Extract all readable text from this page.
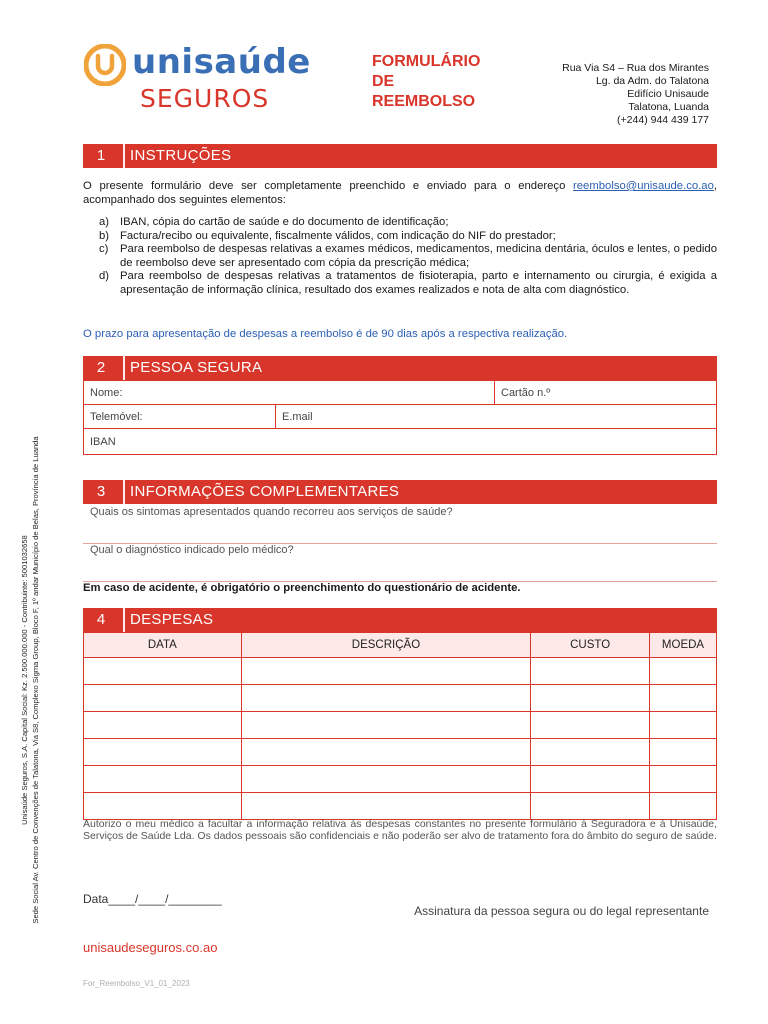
unisaúde
SEGUROS
FORMULÁRIO
DE
REEMBOLSO
Rua Via S4 – Rua dos Mirantes
Lg. da Adm. do Talatona
Edifício Unisaude
Talatona, Luanda
(+244) 944 439 177
1	INSTRUÇÕES
O presente formulário deve ser completamente preenchido e enviado para o endereço reembolso@unisaude.co.ao, acompanhado dos seguintes elementos:
a) IBAN, cópia do cartão de saúde e do documento de identificação;
b) Factura/recibo ou equivalente, fiscalmente válidos, com indicação do NIF do prestador;
c) Para reembolso de despesas relativas a exames médicos, medicamentos, medicina dentária, óculos e lentes, o pedido de reembolso deve ser apresentado com cópia da prescrição médica;
d) Para reembolso de despesas relativas a tratamentos de fisioterapia, parto e internamento ou cirurgia, é exigida a apresentação de informação clínica, resultado dos exames realizados e nota de alta com diagnóstico.
O prazo para apresentação de despesas a reembolso é de 90 dias após a respectiva realização.
2	PESSOA SEGURA
Nome:	Cartão n.º
Telemóvel:	E.mail
IBAN
3	INFORMAÇÕES COMPLEMENTARES
Quais os sintomas apresentados quando recorreu aos serviços de saúde?
Qual o diagnóstico indicado pelo médico?
Em caso de acidente, é obrigatório o preenchimento do questionário de acidente.
4	DESPESAS
DATA	DESCRIÇÃO	CUSTO	MOEDA

Autorizo o meu médico a facultar a informação relativa às despesas constantes no presente formulário à Seguradora e à Unisaúde, Serviços de Saúde Lda. Os dados pessoais são confidenciais e não poderão ser alvo de tratamento fora do âmbito do seguro de saúde.
Data____/____/________
Assinatura da pessoa segura ou do legal representante
unisaudeseguros.co.ao
For_Reembolso_V1_01_2023
Unisaúde Seguros, S.A. Capital Social: Kz. 2.500.000.000 - Contribuinte: 5001032658 Sede Social Av. Centro de Convenções de Talatona, Via S8, Complexo Sigma Group, Bloco F, 1º andar Município de Belas, Província de Luanda
